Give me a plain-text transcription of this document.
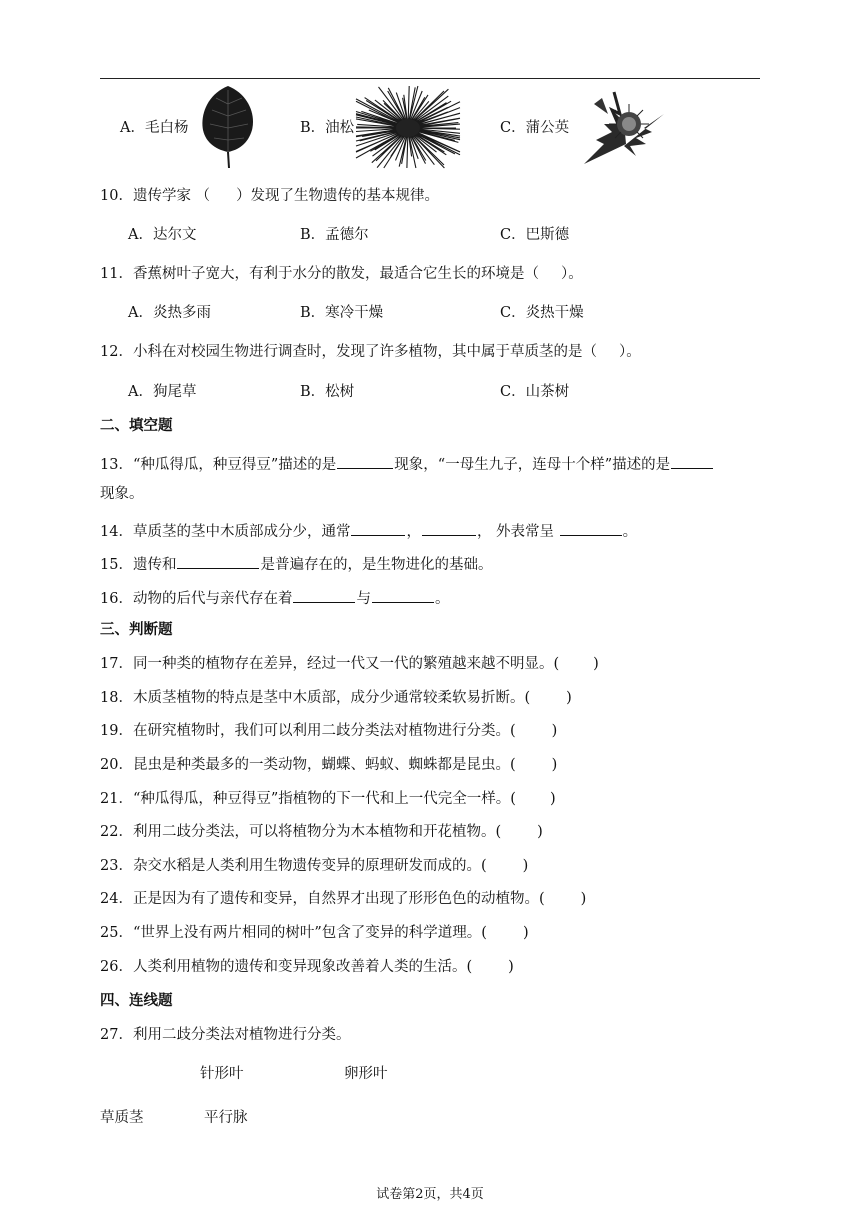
A．毛白杨	B．油松	C．蒲公英
10．遗传学家 （ ）发现了生物遗传的基本规律。
A．达尔文	B．孟德尔	C．巴斯德
11．香蕉树叶子宽大，有利于水分的散发，最适合它生长的环境是（ ）。
A．炎热多雨	B．寒冷干燥	C．炎热干燥
12．小科在对校园生物进行调查时，发现了许多植物，其中属于草质茎的是（ ）。
A．狗尾草	B．松树	C．山茶树
二、填空题
13．“种瓜得瓜，种豆得豆”描述的是	现象，“一母生九子，连母十个样”描述的是
现象。
14．草质茎的茎中木质部成分少，通常	，	， 外表常呈	。
15．遗传和	是普遍存在的，是生物进化的基础。
16．动物的后代与亲代存在着	与	。
三、判断题
17．同一种类的植物存在差异，经过一代又一代的繁殖越来越不明显。( )
18．木质茎植物的特点是茎中木质部，成分少通常较柔软易折断。( )
19．在研究植物时，我们可以利用二歧分类法对植物进行分类。( )
20．昆虫是种类最多的一类动物，蝴蝶、蚂蚁、蜘蛛都是昆虫。( )
21．“种瓜得瓜，种豆得豆”指植物的下一代和上一代完全一样。( )
22．利用二歧分类法，可以将植物分为木本植物和开花植物。( )
23．杂交水稻是人类利用生物遗传变异的原理研发而成的。( )
24．正是因为有了遗传和变异，自然界才出现了形形色色的动植物。( )
25．“世界上没有两片相同的树叶”包含了变异的科学道理。( )
26．人类利用植物的遗传和变异现象改善着人类的生活。( )
四、连线题
27．利用二歧分类法对植物进行分类。
针形叶	卵形叶
草质茎	平行脉
试卷第2页，共4页
